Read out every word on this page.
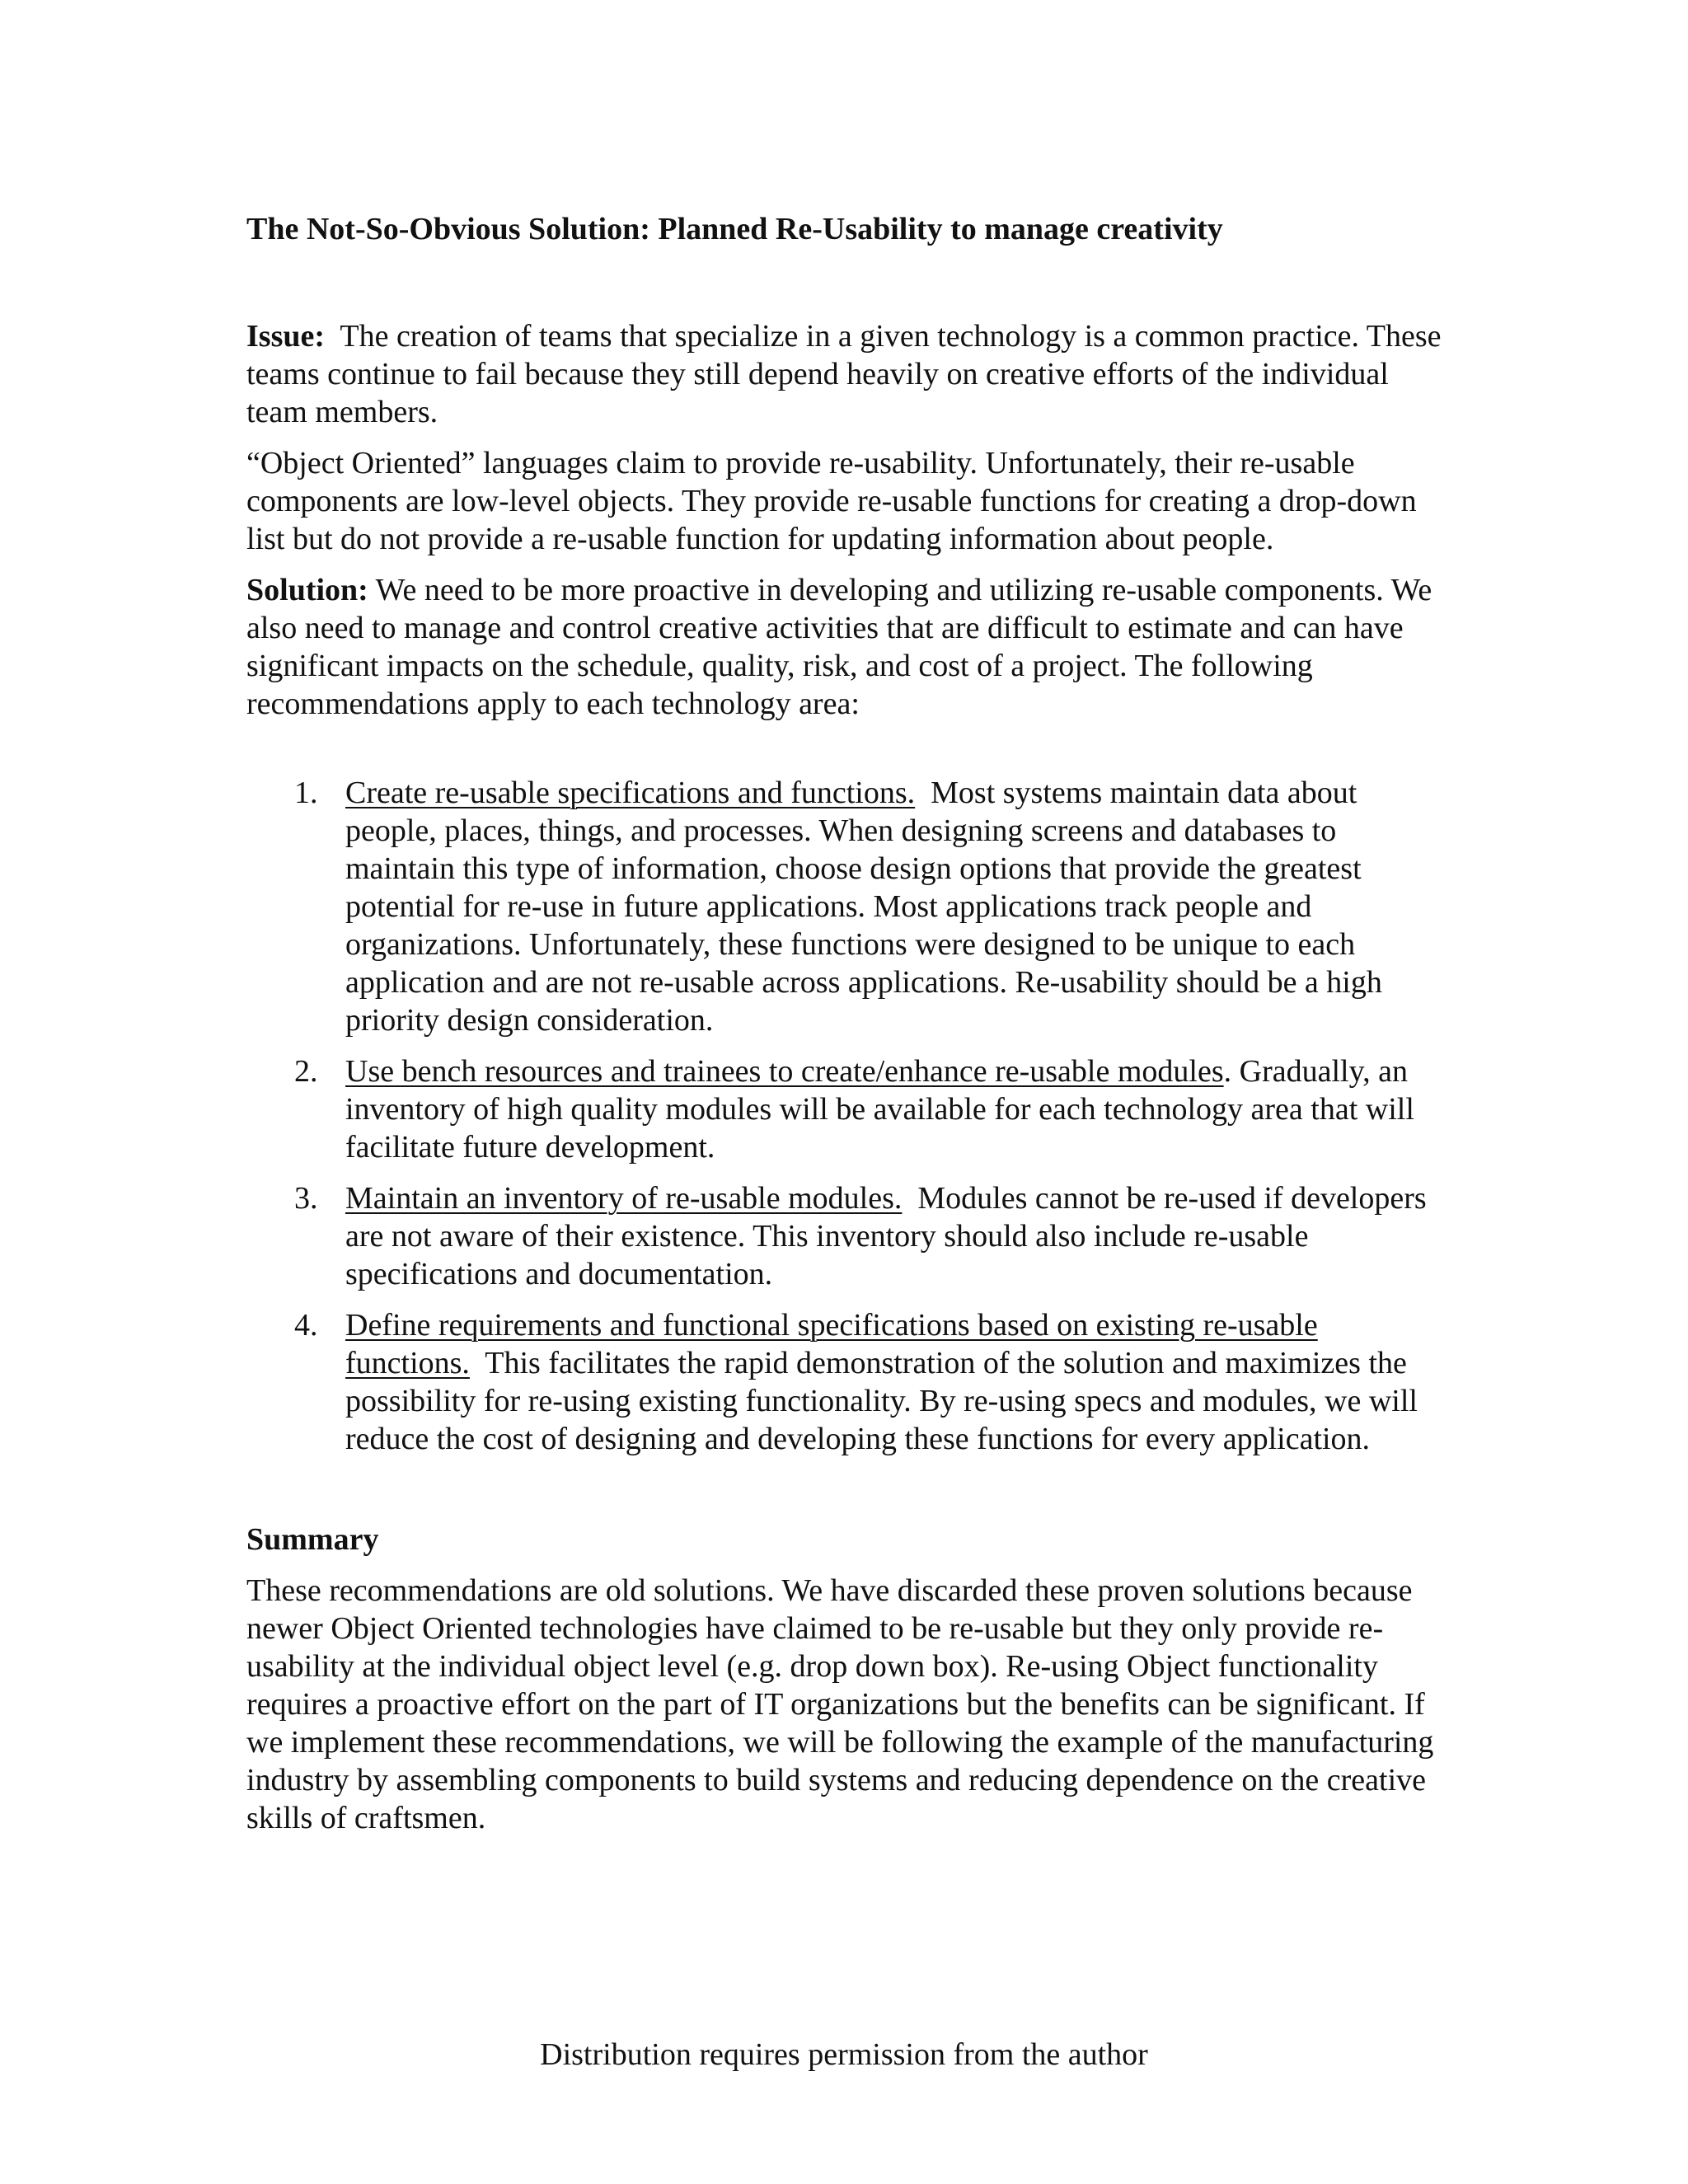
The Not-So-Obvious Solution: Planned Re-Usability to manage creativity

Issue: The creation of teams that specialize in a given technology is a common practice. These teams continue to fail because they still depend heavily on creative efforts of the individual team members.

“Object Oriented” languages claim to provide re-usability. Unfortunately, their re-usable components are low-level objects. They provide re-usable functions for creating a drop-down list but do not provide a re-usable function for updating information about people.

Solution: We need to be more proactive in developing and utilizing re-usable components. We also need to manage and control creative activities that are difficult to estimate and can have significant impacts on the schedule, quality, risk, and cost of a project. The following recommendations apply to each technology area:

1. Create re-usable specifications and functions. Most systems maintain data about people, places, things, and processes. When designing screens and databases to maintain this type of information, choose design options that provide the greatest potential for re-use in future applications. Most applications track people and organizations. Unfortunately, these functions were designed to be unique to each application and are not re-usable across applications. Re-usability should be a high priority design consideration.
2. Use bench resources and trainees to create/enhance re-usable modules. Gradually, an inventory of high quality modules will be available for each technology area that will facilitate future development.
3. Maintain an inventory of re-usable modules. Modules cannot be re-used if developers are not aware of their existence. This inventory should also include re-usable specifications and documentation.
4. Define requirements and functional specifications based on existing re-usable functions. This facilitates the rapid demonstration of the solution and maximizes the possibility for re-using existing functionality. By re-using specs and modules, we will reduce the cost of designing and developing these functions for every application.
Summary

These recommendations are old solutions. We have discarded these proven solutions because newer Object Oriented technologies have claimed to be re-usable but they only provide re-usability at the individual object level (e.g. drop down box). Re-using Object functionality requires a proactive effort on the part of IT organizations but the benefits can be significant. If we implement these recommendations, we will be following the example of the manufacturing industry by assembling components to build systems and reducing dependence on the creative skills of craftsmen.

Distribution requires permission from the author
